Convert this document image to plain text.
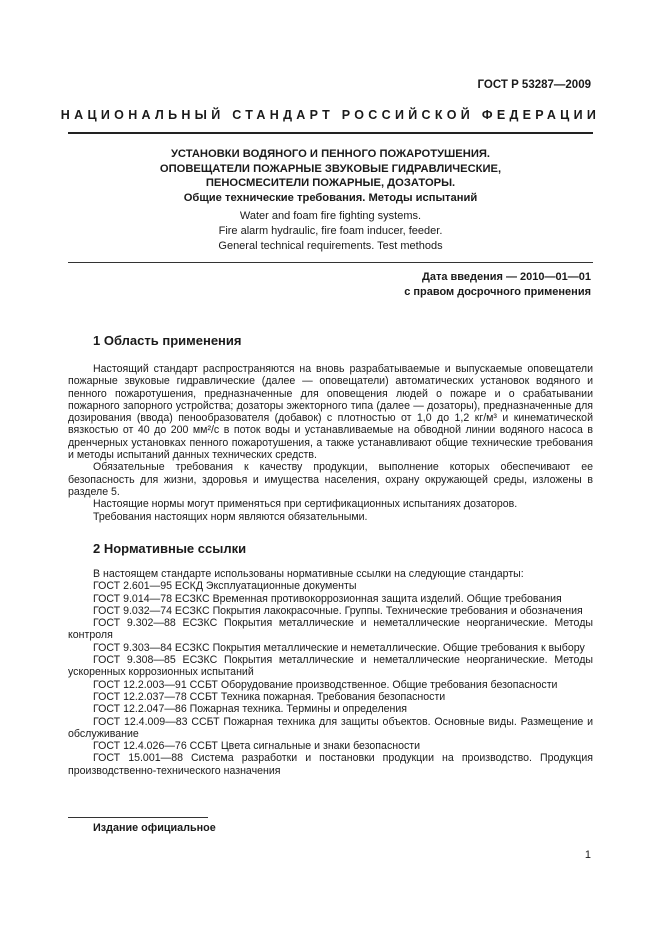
ГОСТ Р 53287—2009
НАЦИОНАЛЬНЫЙ СТАНДАРТ РОССИЙСКОЙ ФЕДЕРАЦИИ
УСТАНОВКИ ВОДЯНОГО И ПЕННОГО ПОЖАРОТУШЕНИЯ.
ОПОВЕЩАТЕЛИ ПОЖАРНЫЕ ЗВУКОВЫЕ ГИДРАВЛИЧЕСКИЕ,
ПЕНОСМЕСИТЕЛИ ПОЖАРНЫЕ, ДОЗАТОРЫ.
Общие технические требования. Методы испытаний
Water and foam fire fighting systems.
Fire alarm hydraulic, fire foam inducer, feeder.
General technical requirements. Test methods
Дата введения — 2010—01—01
с правом досрочного применения
1 Область применения

Настоящий стандарт распространяются на вновь разрабатываемые и выпускаемые оповещатели пожарные звуковые гидравлические (далее — оповещатели) автоматических установок водяного и пенного пожаротушения, предназначенные для оповещения людей о пожаре и о срабатывании пожарного запорного устройства; дозаторы эжекторного типа (далее — дозаторы), предназначенные для дозирования (ввода) пенообразователя (добавок) с плотностью от 1,0 до 1,2 кг/м³ и кинематической вязкостью от 40 до 200 мм²/с в поток воды и устанавливаемые на обводной линии водяного насоса в дренчерных установках пенного пожаротушения, а также устанавливают общие технические требования и методы испытаний данных технических средств.

Обязательные требования к качеству продукции, выполнение которых обеспечивают ее безопасность для жизни, здоровья и имущества населения, охрану окружающей среды, изложены в разделе 5.

Настоящие нормы могут применяться при сертификационных испытаниях дозаторов.

Требования настоящих норм являются обязательными.

2 Нормативные ссылки

В настоящем стандарте использованы нормативные ссылки на следующие стандарты:

ГОСТ 2.601—95 ЕСКД Эксплуатационные документы

ГОСТ 9.014—78 ЕСЗКС Временная противокоррозионная защита изделий. Общие требования

ГОСТ 9.032—74 ЕСЗКС Покрытия лакокрасочные. Группы. Технические требования и обозначения

ГОСТ 9.302—88 ЕСЗКС Покрытия металлические и неметаллические неорганические. Методы контроля

ГОСТ 9.303—84 ЕСЗКС Покрытия металлические и неметаллические. Общие требования к выбору

ГОСТ 9.308—85 ЕСЗКС Покрытия металлические и неметаллические неорганические. Методы ускоренных коррозионных испытаний

ГОСТ 12.2.003—91 ССБТ Оборудование производственное. Общие требования безопасности

ГОСТ 12.2.037—78 ССБТ Техника пожарная. Требования безопасности

ГОСТ 12.2.047—86 Пожарная техника. Термины и определения

ГОСТ 12.4.009—83 ССБТ Пожарная техника для защиты объектов. Основные виды. Размещение и обслуживание

ГОСТ 12.4.026—76 ССБТ Цвета сигнальные и знаки безопасности

ГОСТ 15.001—88 Система разработки и постановки продукции на производство. Продукция производственно-технического назначения

Издание официальное
1
